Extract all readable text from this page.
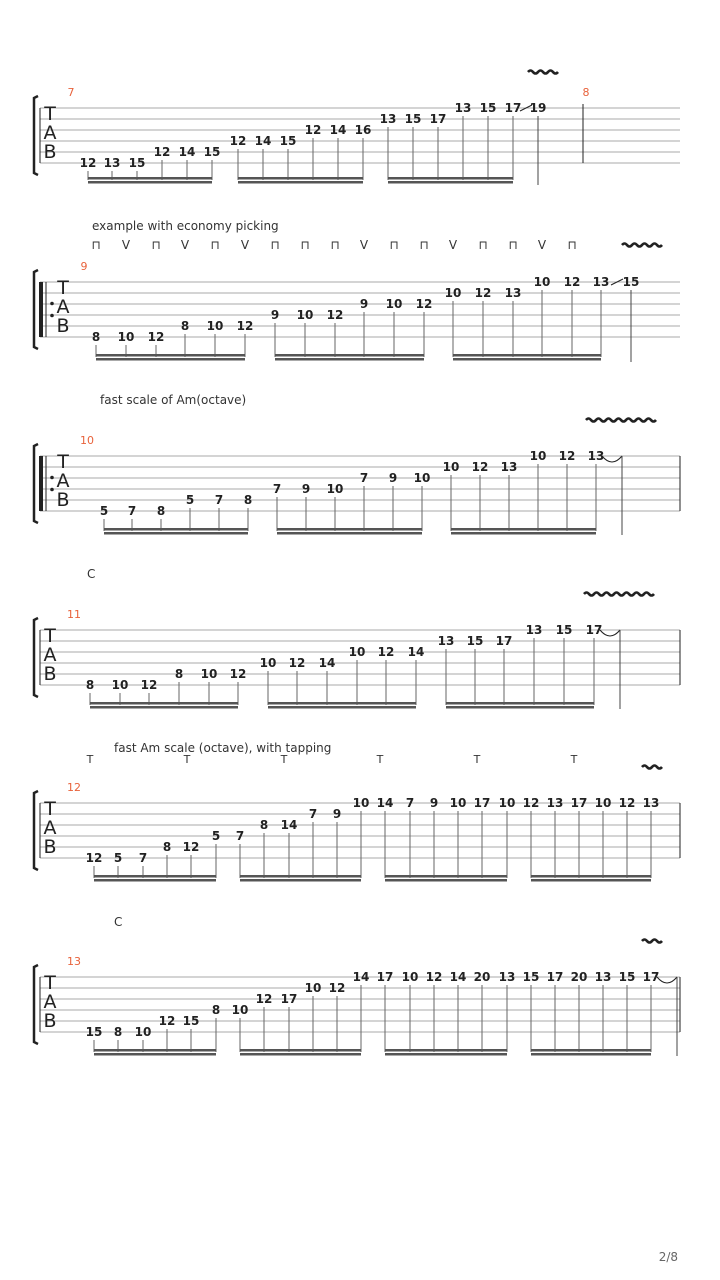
T
A
B
7
12 13 15
12 14 15
12 14 15
12 14 16
13 15 17
13 15 17 19
8
T
A
B
example with economy picking
⊓ V ⊓ V ⊓ V ⊓ ⊓ ⊓ V ⊓ ⊓ V ⊓ ⊓ V ⊓
9
8 10 12
8 10 12
9 10 12
9 10 12
10 12 13
10 12 13 15
T
A
B
fast scale of Am(octave)
10
5 7 8
5 7 8
7 9 10
7 9 10
10 12 13
10 12 13
T
A
B
C
11
8 10 12
8 10 12
10 12 14
10 12 14
13 15 17
13 15 17
T
A
B
fast Am scale (octave), with tapping
T	T	T	T	T	T
12
12 5 7
8 12
5 7
8 14
7 9
10 14 7 9 10 17 10 12 13 17 10 12 13
T
A
B
C
13
15 8 10
12 15
8 10
12 17
10 12
14 17 10 12 14 20 13 15 17 20 13 15 17
2/8
